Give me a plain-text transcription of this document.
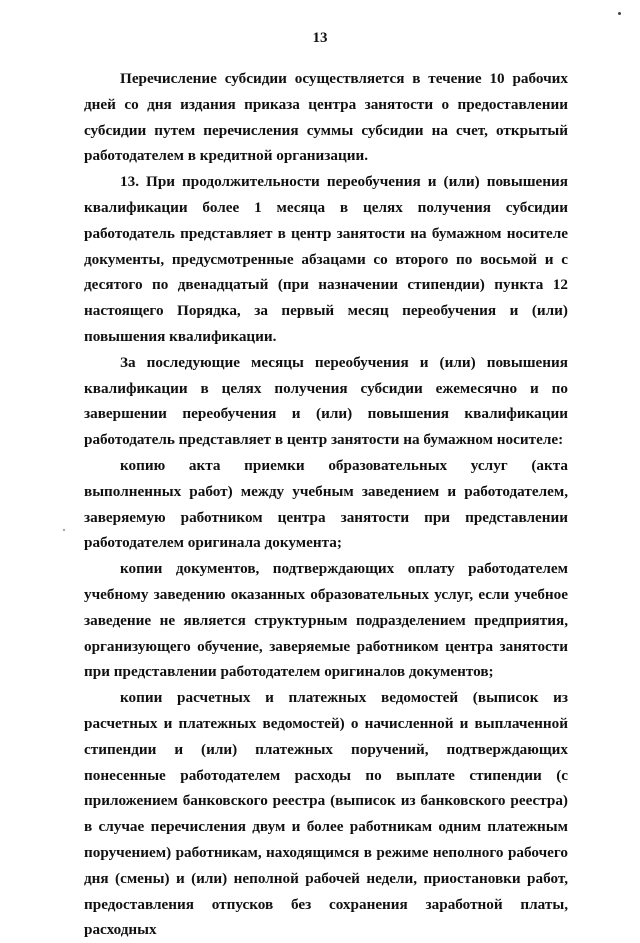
13

Перечисление субсидии осуществляется в течение 10 рабочих дней со дня издания приказа центра занятости о предоставлении субсидии путем перечисления суммы субсидии на счет, открытый работодателем в кредитной организации.

13. При продолжительности переобучения и (или) повышения квалификации более 1 месяца в целях получения субсидии работодатель представляет в центр занятости на бумажном носителе документы, предусмотренные абзацами со второго по восьмой и с десятого по двенадцатый (при назначении стипендии) пункта 12 настоящего Порядка, за первый месяц переобучения и (или) повышения квалификации.

За последующие месяцы переобучения и (или) повышения квалификации в целях получения субсидии ежемесячно и по завершении переобучения и (или) повышения квалификации работодатель представляет в центр занятости на бумажном носителе:

копию акта приемки образовательных услуг (акта выполненных работ) между учебным заведением и работодателем, заверяемую работником центра занятости при представлении работодателем оригинала документа;

копии документов, подтверждающих оплату работодателем учебному заведению оказанных образовательных услуг, если учебное заведение не является структурным подразделением предприятия, организующего обучение, заверяемые работником центра занятости при представлении работодателем оригиналов документов;

копии расчетных и платежных ведомостей (выписок из расчетных и платежных ведомостей) о начисленной и выплаченной стипендии и (или) платежных поручений, подтверждающих понесенные работодателем расходы по выплате стипендии (с приложением банковского реестра (выписок из банковского реестра) в случае перечисления двум и более работникам одним платежным поручением) работникам, находящимся в режиме неполного рабочего дня (смены) и (или) неполной рабочей недели, приостановки работ, предоставления отпусков без сохранения заработной платы, расходных
